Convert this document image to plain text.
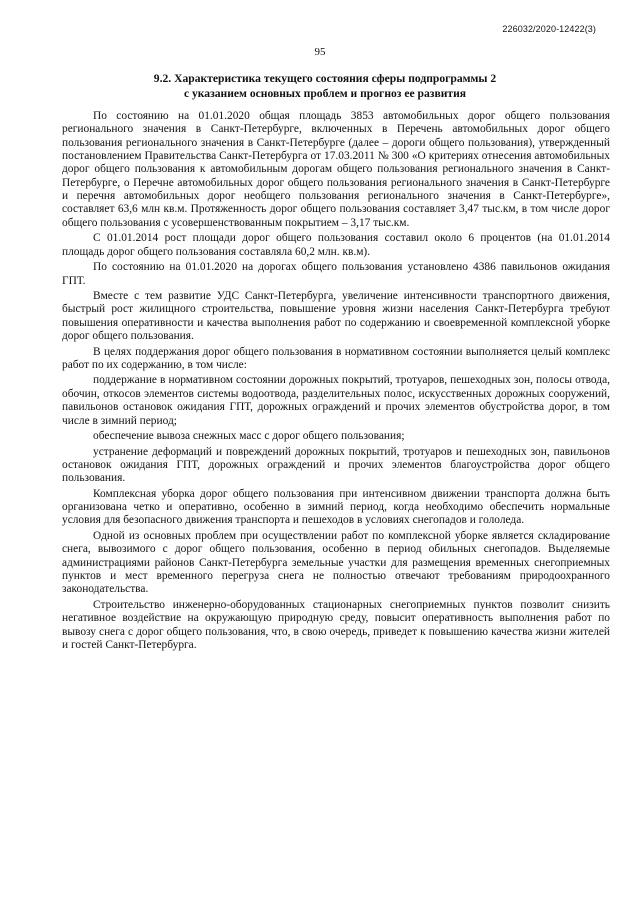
226032/2020-12422(3)
95
9.2. Характеристика текущего состояния сферы подпрограммы 2
с указанием основных проблем и прогноз ее развития

По состоянию на 01.01.2020 общая площадь 3853 автомобильных дорог общего пользования регионального значения в Санкт-Петербурге, включенных в Перечень автомобильных дорог общего пользования регионального значения в Санкт-Петербурге (далее – дороги общего пользования), утвержденный постановлением Правительства Санкт-Петербурга от 17.03.2011 № 300 «О критериях отнесения автомобильных дорог общего пользования к автомобильным дорогам общего пользования регионального значения в Санкт-Петербурге, о Перечне автомобильных дорог общего пользования регионального значения в Санкт-Петербурге и перечня автомобильных дорог необщего пользования регионального значения в Санкт-Петербурге», составляет 63,6 млн кв.м. Протяженность дорог общего пользования составляет 3,47 тыс.км, в том числе дорог общего пользования с усовершенствованным покрытием – 3,17 тыс.км.

С 01.01.2014 рост площади дорог общего пользования составил около 6 процентов (на 01.01.2014 площадь дорог общего пользования составляла 60,2 млн. кв.м).

По состоянию на 01.01.2020 на дорогах общего пользования установлено 4386 павильонов ожидания ГПТ.

Вместе с тем развитие УДС Санкт-Петербурга, увеличение интенсивности транспортного движения, быстрый рост жилищного строительства, повышение уровня жизни населения Санкт-Петербурга требуют повышения оперативности и качества выполнения работ по содержанию и своевременной комплексной уборке дорог общего пользования.

В целях поддержания дорог общего пользования в нормативном состоянии выполняется целый комплекс работ по их содержанию, в том числе:

поддержание в нормативном состоянии дорожных покрытий, тротуаров, пешеходных зон, полосы отвода, обочин, откосов элементов системы водоотвода, разделительных полос, искусственных дорожных сооружений, павильонов остановок ожидания ГПТ, дорожных ограждений и прочих элементов обустройства дорог, в том числе в зимний период;

обеспечение вывоза снежных масс с дорог общего пользования;

устранение деформаций и повреждений дорожных покрытий, тротуаров и пешеходных зон, павильонов остановок ожидания ГПТ, дорожных ограждений и прочих элементов благоустройства дорог общего пользования.

Комплексная уборка дорог общего пользования при интенсивном движении транспорта должна быть организована четко и оперативно, особенно в зимний период, когда необходимо обеспечить нормальные условия для безопасного движения транспорта и пешеходов в условиях снегопадов и гололеда.

Одной из основных проблем при осуществлении работ по комплексной уборке является складирование снега, вывозимого с дорог общего пользования, особенно в период обильных снегопадов. Выделяемые администрациями районов Санкт-Петербурга земельные участки для размещения временных снегоприемных пунктов и мест временного перегруза снега не полностью отвечают требованиям природоохранного законодательства.

Строительство инженерно-оборудованных стационарных снегоприемных пунктов позволит снизить негативное воздействие на окружающую природную среду, повысит оперативность выполнения работ по вывозу снега с дорог общего пользования, что, в свою очередь, приведет к повышению качества жизни жителей и гостей Санкт-Петербурга.
